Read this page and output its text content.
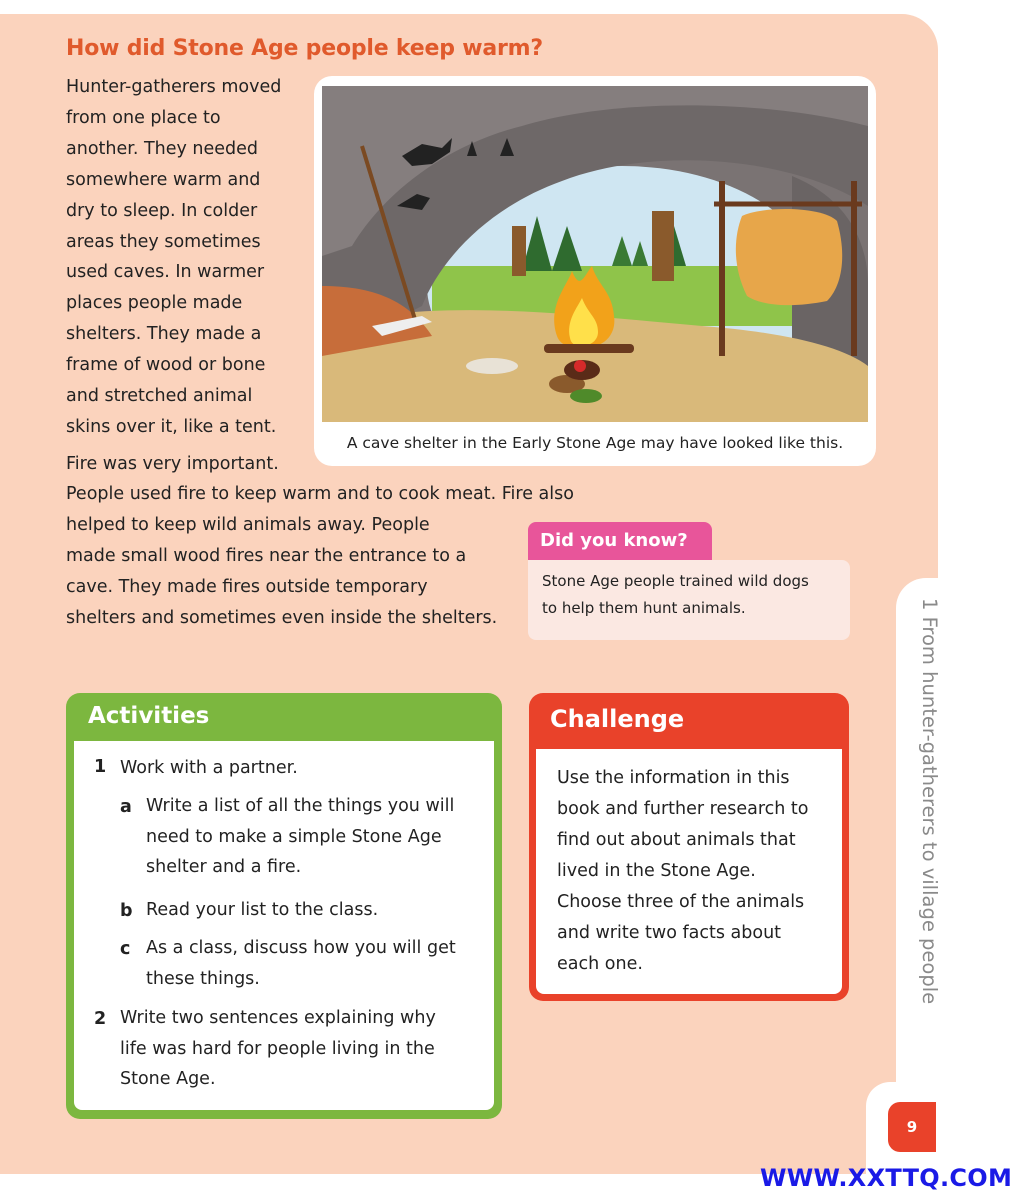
How did Stone Age people keep warm?
Hunter-gatherers moved
from one place to
another. They needed
somewhere warm and
dry to sleep. In colder
areas they sometimes
used caves. In warmer
places people made
shelters. They made a
frame of wood or bone
and stretched animal
skins over it, like a tent.
A cave shelter in the Early Stone Age may have looked like this.
Fire was very important.
People used fire to keep warm and to cook meat. Fire also
helped to keep wild animals away. People
made small wood fires near the entrance to a
cave. They made fires outside temporary
shelters and sometimes even inside the shelters.
Did you know?
Stone Age people trained wild dogs
to help them hunt animals.
Activities
1 Work with a partner.
a Write a list of all the things you will
need to make a simple Stone Age
shelter and a fire.
b Read your list to the class.
c As a class, discuss how you will get
these things.
2 Write two sentences explaining why
life was hard for people living in the
Stone Age.
Challenge
Use the information in this
book and further research to
find out about animals that
lived in the Stone Age.
Choose three of the animals
and write two facts about
each one.	1 From hunter-gatherers to village people
9
WWW.XXTTQ.COM
